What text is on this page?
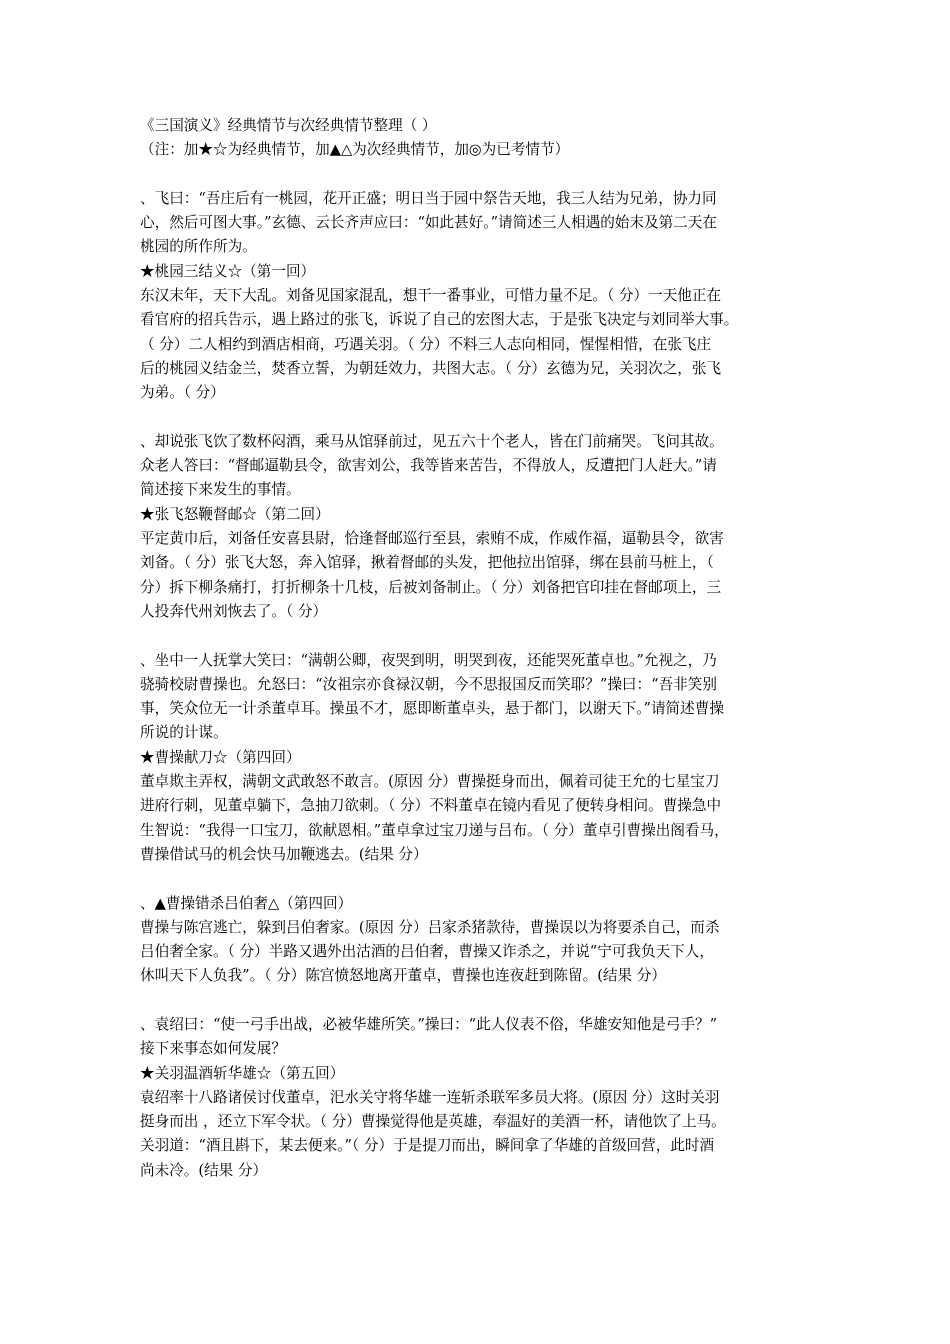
《三国演义》经典情节与次经典情节整理（ ）
（注：加★☆为经典情节，加▲△为次经典情节，加◎为已考情节）
、飞曰：“吾庄后有一桃园，花开正盛；明日当于园中祭告天地，我三人结为兄弟，协力同
心，然后可图大事。”玄德、云长齐声应曰：“如此甚好。”请简述三人相遇的始末及第二天在
桃园的所作所为。
★桃园三结义☆（第一回）
东汉末年，天下大乱。刘备见国家混乱，想干一番事业，可惜力量不足。（ 分）一天他正在
看官府的招兵告示，遇上路过的张飞，诉说了自己的宏图大志，于是张飞决定与刘同举大事。
（ 分）二人相约到酒店相商，巧遇关羽。（ 分）不料三人志向相同，惺惺相惜，在张飞庄
后的桃园义结金兰，焚香立誓，为朝廷效力，共图大志。（ 分）玄德为兄，关羽次之，张飞
为弟。（ 分）
、却说张飞饮了数杯闷酒，乘马从馆驿前过，见五六十个老人，皆在门前痛哭。飞问其故。
众老人答曰：“督邮逼勒县令，欲害刘公，我等皆来苦告，不得放人，反遭把门人赶大。”请
简述接下来发生的事情。
★张飞怒鞭督邮☆（第二回）
平定黄巾后，刘备任安喜县尉，恰逢督邮巡行至县，索贿不成，作威作福，逼勒县令，欲害
刘备。（ 分）张飞大怒，奔入馆驿，揪着督邮的头发，把他拉出馆驿，绑在县前马桩上，（
分）拆下柳条痛打，打折柳条十几枝，后被刘备制止。（ 分）刘备把官印挂在督邮项上，三
人投奔代州刘恢去了。（ 分）
、坐中一人抚掌大笑曰：“满朝公卿，夜哭到明，明哭到夜，还能哭死董卓也。”允视之，乃
骁骑校尉曹操也。允怒曰：“汝祖宗亦食禄汉朝，今不思报国反而笑耶？”操曰：“吾非笑别
事，笑众位无一计杀董卓耳。操虽不才，愿即断董卓头，悬于都门，以谢天下。”请简述曹操
所说的计谋。
★曹操献刀☆（第四回）
董卓欺主弄权，满朝文武敢怒不敢言。(原因 分）曹操挺身而出，佩着司徒王允的七星宝刀
进府行刺，见董卓躺下，急抽刀欲刺。（ 分）不料董卓在镜内看见了便转身相问。曹操急中
生智说：“我得一口宝刀，欲献恩相。”董卓拿过宝刀递与吕布。（ 分）董卓引曹操出阁看马，
曹操借试马的机会快马加鞭逃去。(结果 分）
、▲曹操错杀吕伯奢△（第四回）
曹操与陈宫逃亡，躲到吕伯奢家。(原因 分）吕家杀猪款待，曹操误以为将要杀自己，而杀
吕伯奢全家。（ 分）半路又遇外出沽酒的吕伯奢，曹操又诈杀之，并说“宁可我负天下人，
休叫天下人负我”。（ 分）陈宫愤怒地离开董卓，曹操也连夜赶到陈留。(结果 分）
、袁绍曰：“使一弓手出战，必被华雄所笑。”操曰：“此人仪表不俗，华雄安知他是弓手？”
接下来事态如何发展？
★关羽温酒斩华雄☆（第五回）
袁绍率十八路诸侯讨伐董卓，汜水关守将华雄一连斩杀联军多员大将。(原因 分）这时关羽
挺身而出 ，还立下军令状。（ 分）曹操觉得他是英雄，奉温好的美酒一杯，请他饮了上马。
关羽道：“酒且斟下，某去便来。”（ 分）于是提刀而出，瞬间拿了华雄的首级回营，此时酒
尚未冷。(结果 分）
